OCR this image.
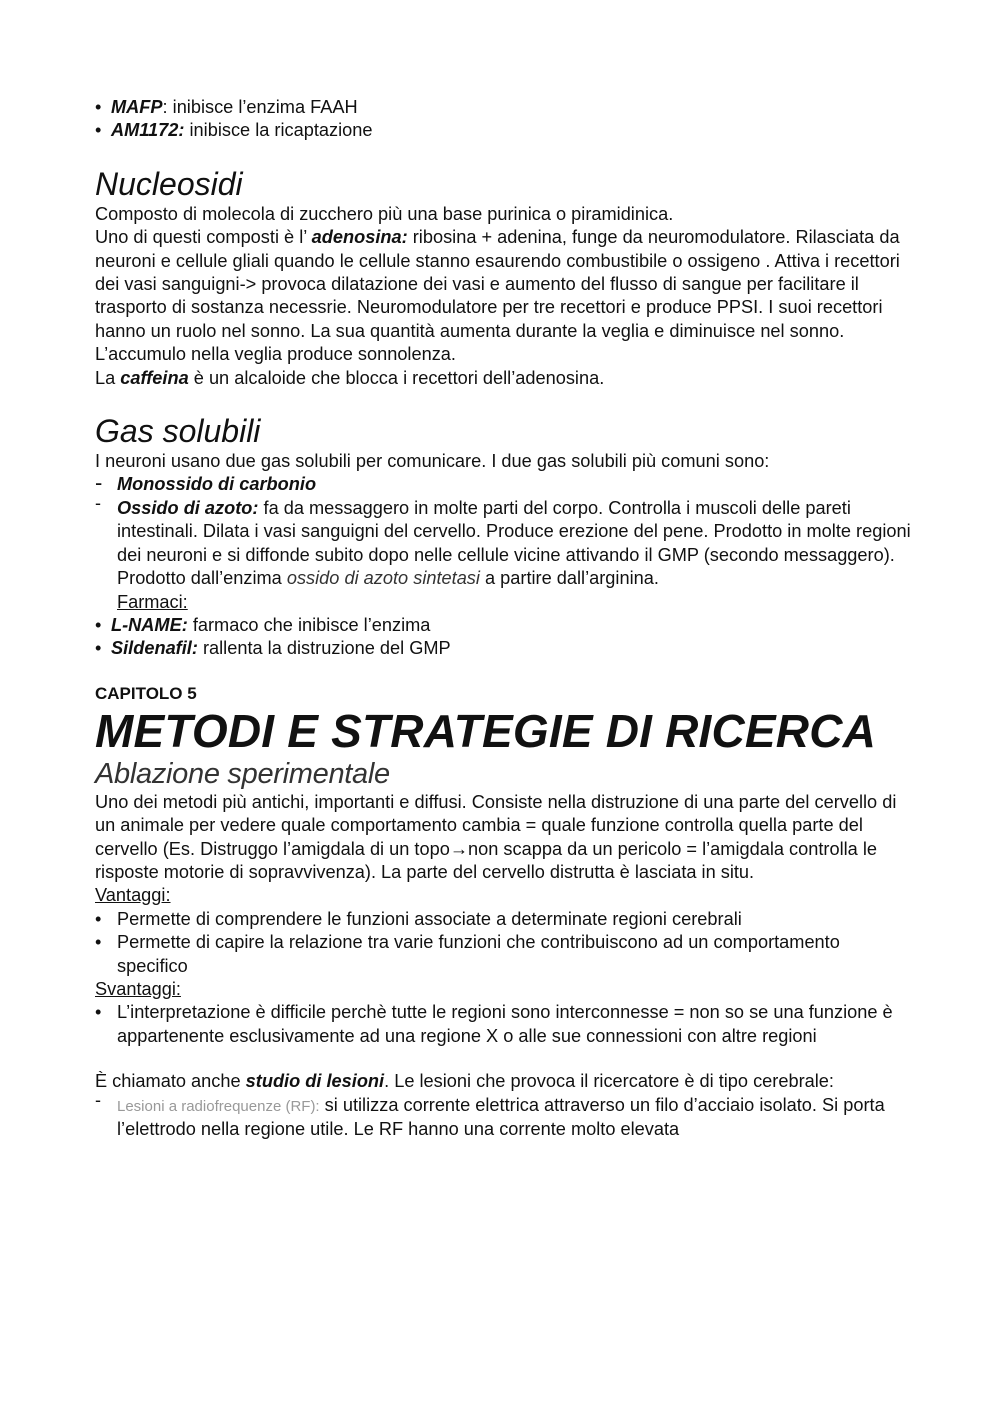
• MAFP: inibisce l’enzima FAAH

• AM1172: inibisce la ricaptazione

Nucleosidi

Composto di molecola di zucchero più una base purinica o piramidinica.

Uno di questi composti è l’ adenosina: ribosina + adenina, funge da neuromodulatore. Rilasciata da neuroni e cellule gliali quando le cellule stanno esaurendo combustibile o ossigeno . Attiva i recettori dei vasi sanguigni-> provoca dilatazione dei vasi e aumento del flusso di sangue per facilitare il trasporto di sostanza necessrie. Neuromodulatore per tre recettori e produce PPSI. I suoi recettori hanno un ruolo nel sonno. La sua quantità aumenta durante la veglia e diminuisce nel sonno. L’accumulo nella veglia produce sonnolenza.

La caffeina è un alcaloide che blocca i recettori dell’adenosina.

Gas solubili

I neuroni usano due gas solubili per comunicare. I due gas solubili più comuni sono:

- Monossido di carbonio

- Ossido di azoto: fa da messaggero in molte parti del corpo. Controlla i muscoli delle pareti intestinali. Dilata i vasi sanguigni del cervello. Produce erezione del pene. Prodotto in molte regioni dei neuroni e si diffonde subito dopo nelle cellule vicine attivando il GMP (secondo messaggero). Prodotto dall’enzima ossido di azoto sintetasi a partire dall’arginina.

Farmaci:

• L-NAME: farmaco che inibisce l’enzima

• Sildenafil: rallenta la distruzione del GMP

CAPITOLO 5

METODI E STRATEGIE DI RICERCA
Ablazione sperimentale

Uno dei metodi più antichi, importanti e diffusi. Consiste nella distruzione di una parte del cervello di un animale per vedere quale comportamento cambia = quale funzione controlla quella parte del cervello (Es. Distruggo l’amigdala di un topo→non scappa da un pericolo = l’amigdala controlla le risposte motorie di sopravvivenza). La parte del cervello distrutta è lasciata in situ.

Vantaggi:

• Permette di comprendere le funzioni associate a determinate regioni cerebrali

• Permette di capire la relazione tra varie funzioni che contribuiscono ad un comportamento specifico

Svantaggi:

• L’interpretazione è difficile perchè tutte le regioni sono interconnesse = non so se una funzione è appartenente esclusivamente ad una regione X o alle sue connessioni con altre regioni

È chiamato anche studio di lesioni. Le lesioni che provoca il ricercatore è di tipo cerebrale:

- Lesioni a radiofrequenze (RF): si utilizza corrente elettrica attraverso un filo d’acciaio isolato. Si porta l’elettrodo nella regione utile. Le RF hanno una corrente molto elevata
